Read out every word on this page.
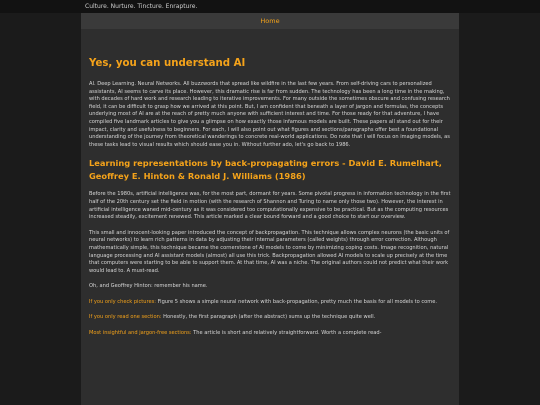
Culture. Nurture. Tincture. Enrapture.
Home
Yes, you can understand AI

AI. Deep Learning. Neural Networks. All buzzwords that spread like wildfire in the last few years. From self-driving cars to personalized assistants, AI seems to carve its place. However, this dramatic rise is far from sudden. The technology has been a long time in the making, with decades of hard work and research leading to iterative improvements. For many outside the sometimes obscure and confusing research field, it can be difficult to grasp how we arrived at this point. But, I am confident that beneath a layer of jargon and formulas, the concepts underlying most of AI are at the reach of pretty much anyone with sufficient interest and time. For those ready for that adventure, I have compiled five landmark articles to give you a glimpse on how exactly those infamous models are built. These papers all stand out for their impact, clarity and usefulness to beginners. For each, I will also point out what figures and sections/paragraphs offer best a foundational understanding of the journey from theoretical wanderings to concrete real-world applications. Do note that I will focus on imaging models, as these tasks lead to visual results which should ease you in. Without further ado, let's go back to 1986.

Learning representations by back-propagating errors - David E. Rumelhart, Geoffrey E. Hinton & Ronald J. Williams (1986)

Before the 1980s, artificial intelligence was, for the most part, dormant for years. Some pivotal progress in information technology in the first half of the 20th century set the field in motion (with the research of Shannon and Turing to name only those two). However, the interest in artificial intelligence waned mid-century as it was considered too computationally expensive to be practical. But as the computing resources increased steadily, excitement renewed. This article marked a clear bound forward and a good choice to start our overview.

This small and innocent-looking paper introduced the concept of backpropagation. This technique allows complex neurons (the basic units of neural networks) to learn rich patterns in data by adjusting their internal parameters (called weights) through error correction. Although mathematically simple, this technique became the cornerstone of AI models to come by minimizing coping costs. Image recognition, natural language processing and AI assistant models (almost) all use this trick. Backpropagation allowed AI models to scale up precisely at the time that computers were starting to be able to support them. At that time, AI was a niche. The original authors could not predict what their work would lead to. A must-read.

Oh, and Geoffrey Hinton: remember his name.

If you only check pictures: Figure 5 shows a simple neural network with back-propagation, pretty much the basis for all models to come.

If you only read one section: Honestly, the first paragraph (after the abstract) sums up the technique quite well.

Most insightful and jargon-free sections: The article is short and relatively straightforward. Worth a complete read-
